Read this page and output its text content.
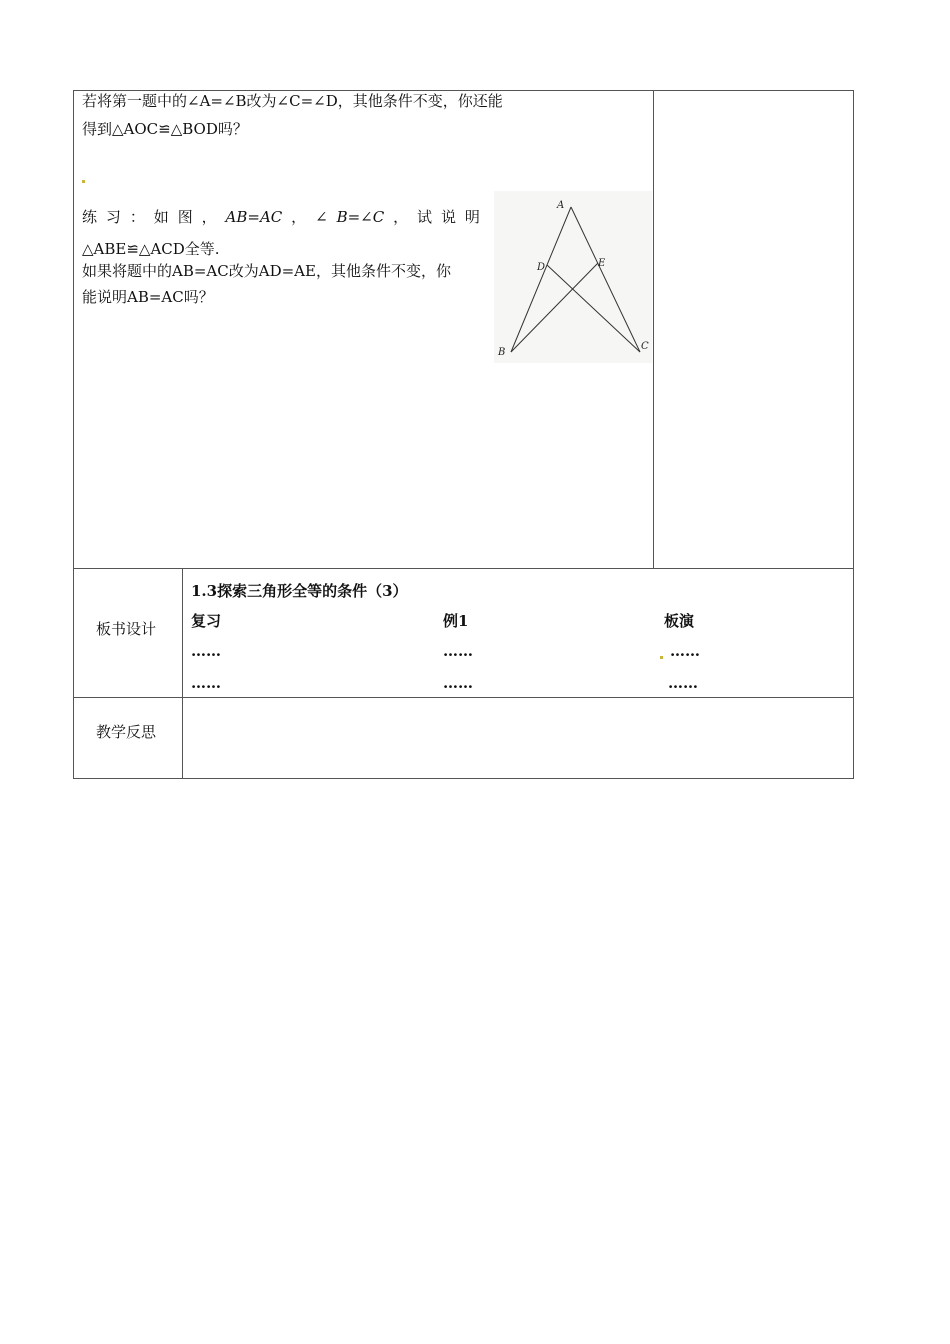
若将第一题中的∠A=∠B改为∠C=∠D，其他条件不变，你还能
得到△AOC≌△BOD吗？
练 习 ： 如 图 ， AB=AC ， ∠ B=∠C ， 试 说 明
△ABE≌△ACD全等.
如果将题中的AB=AC改为AD=AE，其他条件不变，你
能说明AB=AC吗？
A
D	E
B
C
板书设计
1.3探索三角形全等的条件（3）
复习
……
……
例1
……
……
板演
……
……
教学反思
